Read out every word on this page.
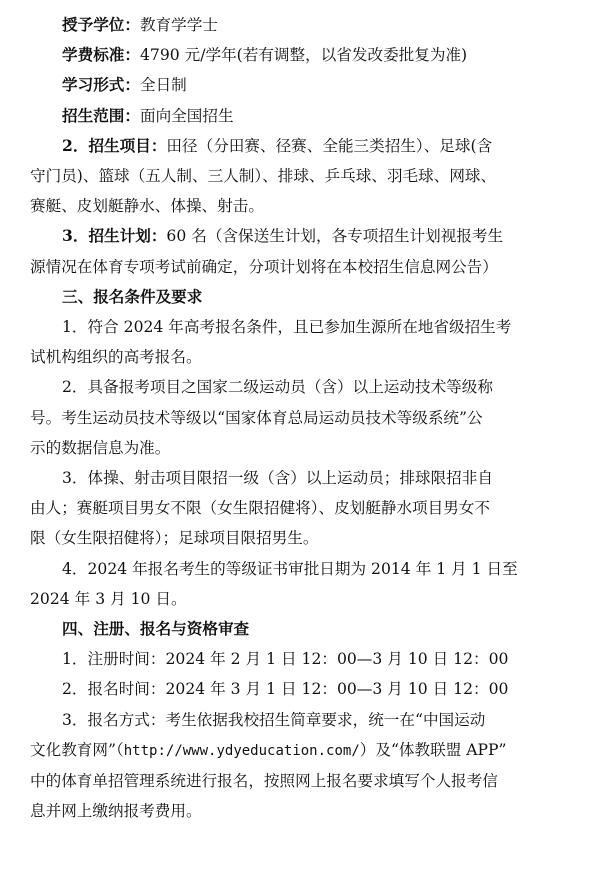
授予学位：教育学学士
学费标准：4790 元/学年(若有调整，以省发改委批复为准)
学习形式：全日制
招生范围：面向全国招生
2．招生项目：田径（分田赛、径赛、全能三类招生）、足球(含
守门员)、篮球（五人制、三人制）、排球、乒乓球、羽毛球、网球、
赛艇、皮划艇静水、体操、射击。
3．招生计划：60 名（含保送生计划，各专项招生计划视报考生
源情况在体育专项考试前确定，分项计划将在本校招生信息网公告）
三、报名条件及要求
1．符合 2024 年高考报名条件，且已参加生源所在地省级招生考
试机构组织的高考报名。
2．具备报考项目之国家二级运动员（含）以上运动技术等级称
号。考生运动员技术等级以“国家体育总局运动员技术等级系统”公
示的数据信息为准。
3．体操、射击项目限招一级（含）以上运动员；排球限招非自
由人；赛艇项目男女不限（女生限招健将）、皮划艇静水项目男女不
限（女生限招健将）；足球项目限招男生。
4．2024 年报名考生的等级证书审批日期为 2014 年 1 月 1 日至
2024 年 3 月 10 日。
四、注册、报名与资格审查
1．注册时间：2024 年 2 月 1 日 12：00—3 月 10 日 12：00
2．报名时间：2024 年 3 月 1 日 12：00—3 月 10 日 12：00
3．报名方式：考生依据我校招生简章要求，统一在“中国运动
文化教育网”（http://www.ydyeducation.com/）及“体教联盟 APP”
中的体育单招管理系统进行报名，按照网上报名要求填写个人报考信
息并网上缴纳报考费用。
